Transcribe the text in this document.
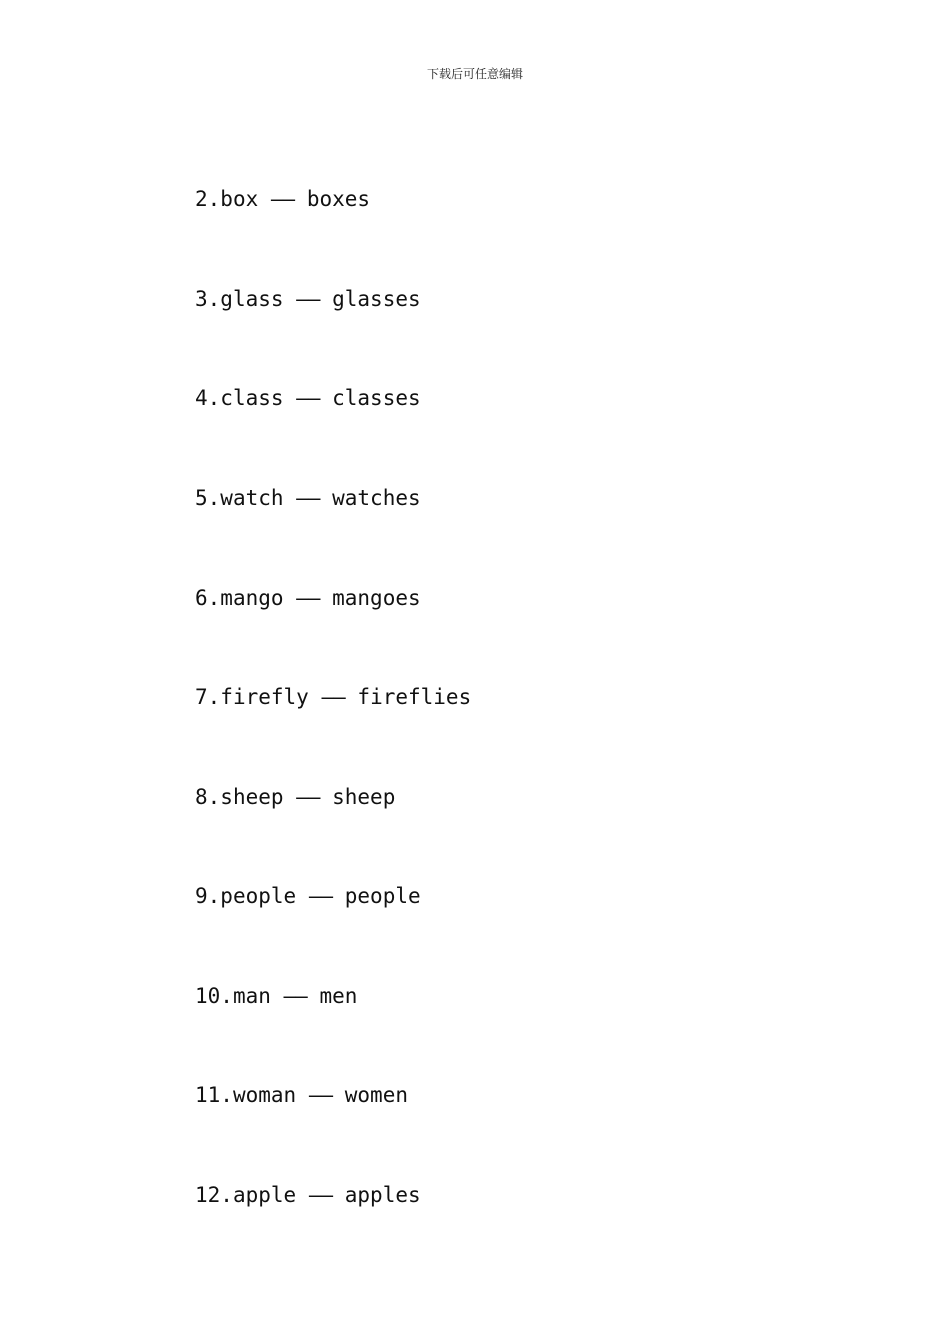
下载后可任意编辑
2.box —— boxes
3.glass —— glasses
4.class —— classes
5.watch —— watches
6.mango —— mangoes
7.firefly —— fireflies
8.sheep —— sheep
9.people —— people
10.man —— men
11.woman —— women
12.apple —— apples
